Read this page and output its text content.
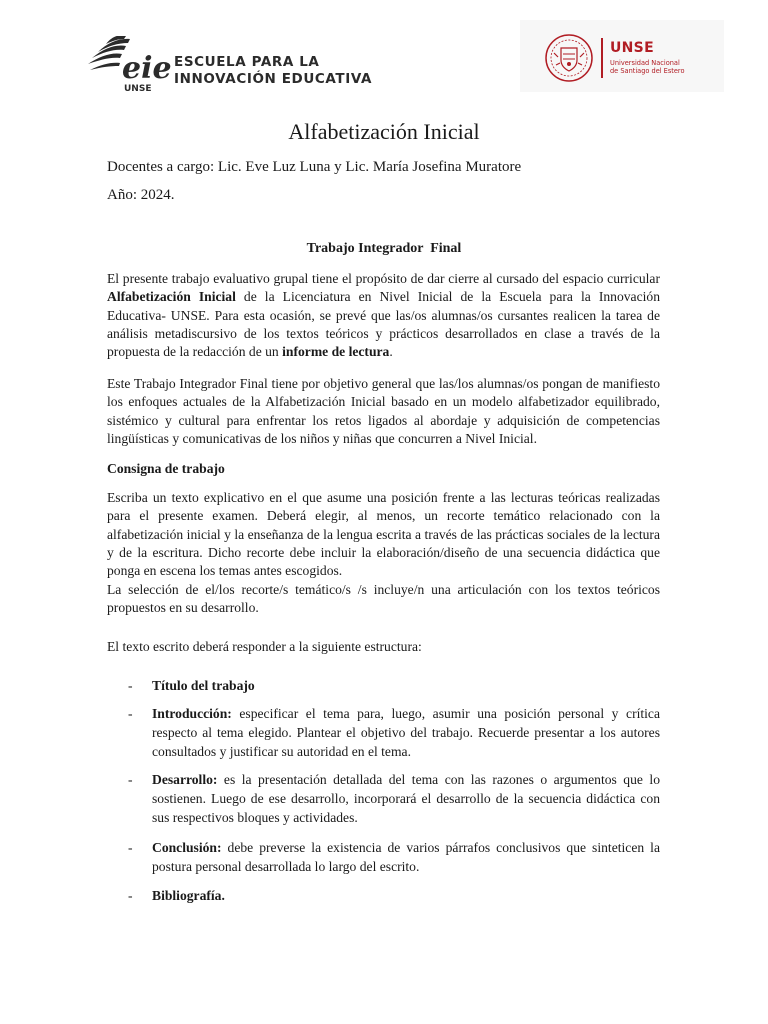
eie
UNSE
ESCUELA PARA LA
INNOVACIÓN EDUCATIVA
UNSE
Universidad Nacional
de Santiago del Estero
Alfabetización Inicial
Docentes a cargo: Lic. Eve Luz Luna y Lic. María Josefina Muratore
Año: 2024.
Trabajo Integrador  Final

El presente trabajo evaluativo grupal tiene el propósito de dar cierre al cursado del espacio curricular Alfabetización Inicial de la Licenciatura en Nivel Inicial de la Escuela para la Innovación Educativa- UNSE. Para esta ocasión, se prevé que las/os alumnas/os cursantes realicen la tarea de análisis metadiscursivo de los textos teóricos y prácticos desarrollados en clase a través de la propuesta de la redacción de un informe de lectura.

Este Trabajo Integrador Final tiene por objetivo general que las/los alumnas/os pongan de manifiesto los enfoques actuales de la Alfabetización Inicial basado en un modelo alfabetizador equilibrado, sistémico y cultural para enfrentar los retos ligados al abordaje y adquisición de competencias lingüísticas y comunicativas de los niños y niñas que concurren a Nivel Inicial.

Consigna de trabajo

Escriba un texto explicativo en el que asume una posición frente a las lecturas teóricas realizadas para el presente examen. Deberá elegir, al menos, un recorte temático relacionado con la alfabetización inicial y la enseñanza de la lengua escrita a través de las prácticas sociales de la lectura y de la escritura. Dicho recorte debe incluir la elaboración/diseño de una secuencia didáctica que ponga en escena los temas antes escogidos.

La selección de el/los recorte/s temático/s /s incluye/n una articulación con los textos teóricos propuestos en su desarrollo.

El texto escrito deberá responder a la siguiente estructura:

- Título del trabajo

- Introducción: especificar el tema para, luego, asumir una posición personal y crítica respecto al tema elegido. Plantear el objetivo del trabajo. Recuerde presentar a los autores consultados y justificar su autoridad en el tema.

- Desarrollo: es la presentación detallada del tema con las razones o argumentos que lo sostienen. Luego de ese desarrollo, incorporará el desarrollo de la secuencia didáctica con sus respectivos bloques y actividades.

- Conclusión: debe preverse la existencia de varios párrafos conclusivos que sinteticen la postura personal desarrollada lo largo del escrito.

- Bibliografía.
